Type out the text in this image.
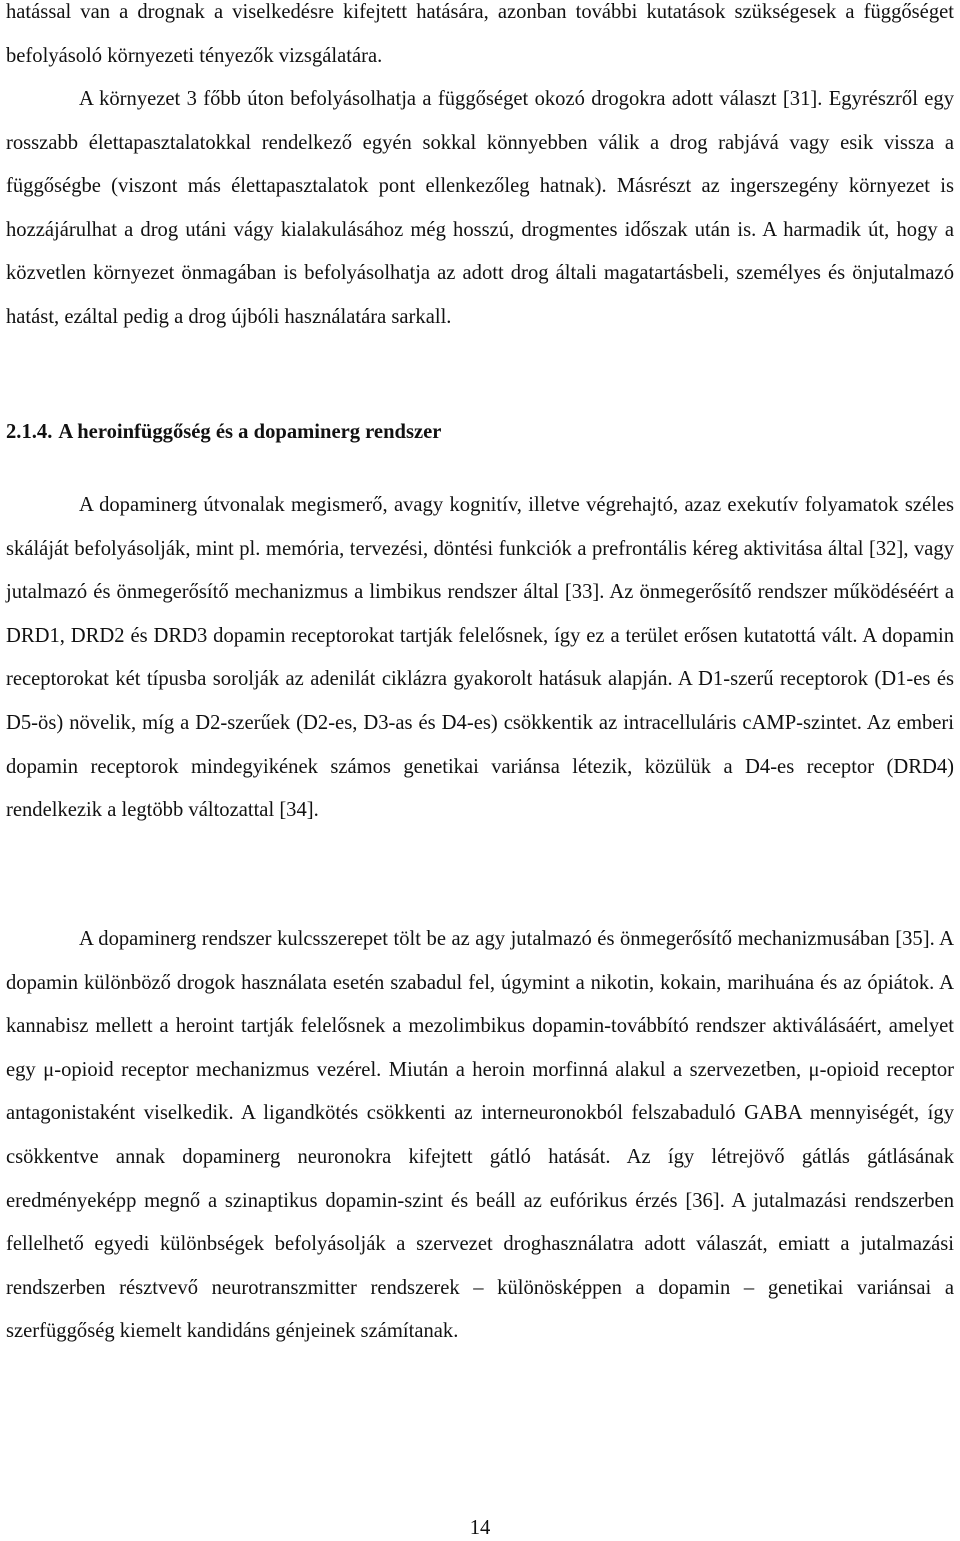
hatással van a drognak a viselkedésre kifejtett hatására, azonban további kutatások szükségesek a függőséget befolyásoló környezeti tényezők vizsgálatára.

A környezet 3 főbb úton befolyásolhatja a függőséget okozó drogokra adott választ [31]. Egyrészről egy rosszabb élettapasztalatokkal rendelkező egyén sokkal könnyebben válik a drog rabjává vagy esik vissza a függőségbe (viszont más élettapasztalatok pont ellenkezőleg hatnak). Másrészt az ingerszegény környezet is hozzájárulhat a drog utáni vágy kialakulásához még hosszú, drogmentes időszak után is. A harmadik út, hogy a közvetlen környezet önmagában is befolyásolhatja az adott drog általi magatartásbeli, személyes és önjutalmazó hatást, ezáltal pedig a drog újbóli használatára sarkall.

2.1.4. A heroinfüggőség és a dopaminerg rendszer

A dopaminerg útvonalak megismerő, avagy kognitív, illetve végrehajtó, azaz exekutív folyamatok széles skáláját befolyásolják, mint pl. memória, tervezési, döntési funkciók a prefrontális kéreg aktivitása által [32], vagy jutalmazó és önmegerősítő mechanizmus a limbikus rendszer által [33]. Az önmegerősítő rendszer működéséért a DRD1, DRD2 és DRD3 dopamin receptorokat tartják felelősnek, így ez a terület erősen kutatottá vált. A dopamin receptorokat két típusba sorolják az adenilát ciklázra gyakorolt hatásuk alapján. A D1-szerű receptorok (D1-es és D5-ös) növelik, míg a D2-szerűek (D2-es, D3-as és D4-es) csökkentik az intracelluláris cAMP-szintet. Az emberi dopamin receptorok mindegyikének számos genetikai variánsa létezik, közülük a D4-es receptor (DRD4) rendelkezik a legtöbb változattal [34].

A dopaminerg rendszer kulcsszerepet tölt be az agy jutalmazó és önmegerősítő mechanizmusában [35]. A dopamin különböző drogok használata esetén szabadul fel, úgymint a nikotin, kokain, marihuána és az ópiátok. A kannabisz mellett a heroint tartják felelősnek a mezolimbikus dopamin-továbbító rendszer aktiválásáért, amelyet egy μ-opioid receptor mechanizmus vezérel. Miután a heroin morfinná alakul a szervezetben, μ-opioid receptor antagonistaként viselkedik. A ligandkötés csökkenti az interneuronokból felszabaduló GABA mennyiségét, így csökkentve annak dopaminerg neuronokra kifejtett gátló hatását. Az így létrejövő gátlás gátlásának eredményeképp megnő a szinaptikus dopamin-szint és beáll az eufórikus érzés [36]. A jutalmazási rendszerben fellelhető egyedi különbségek befolyásolják a szervezet droghasználatra adott válaszát, emiatt a jutalmazási rendszerben résztvevő neurotranszmitter rendszerek – különösképpen a dopamin – genetikai variánsai a szerfüggőség kiemelt kandidáns génjeinek számítanak.

14
